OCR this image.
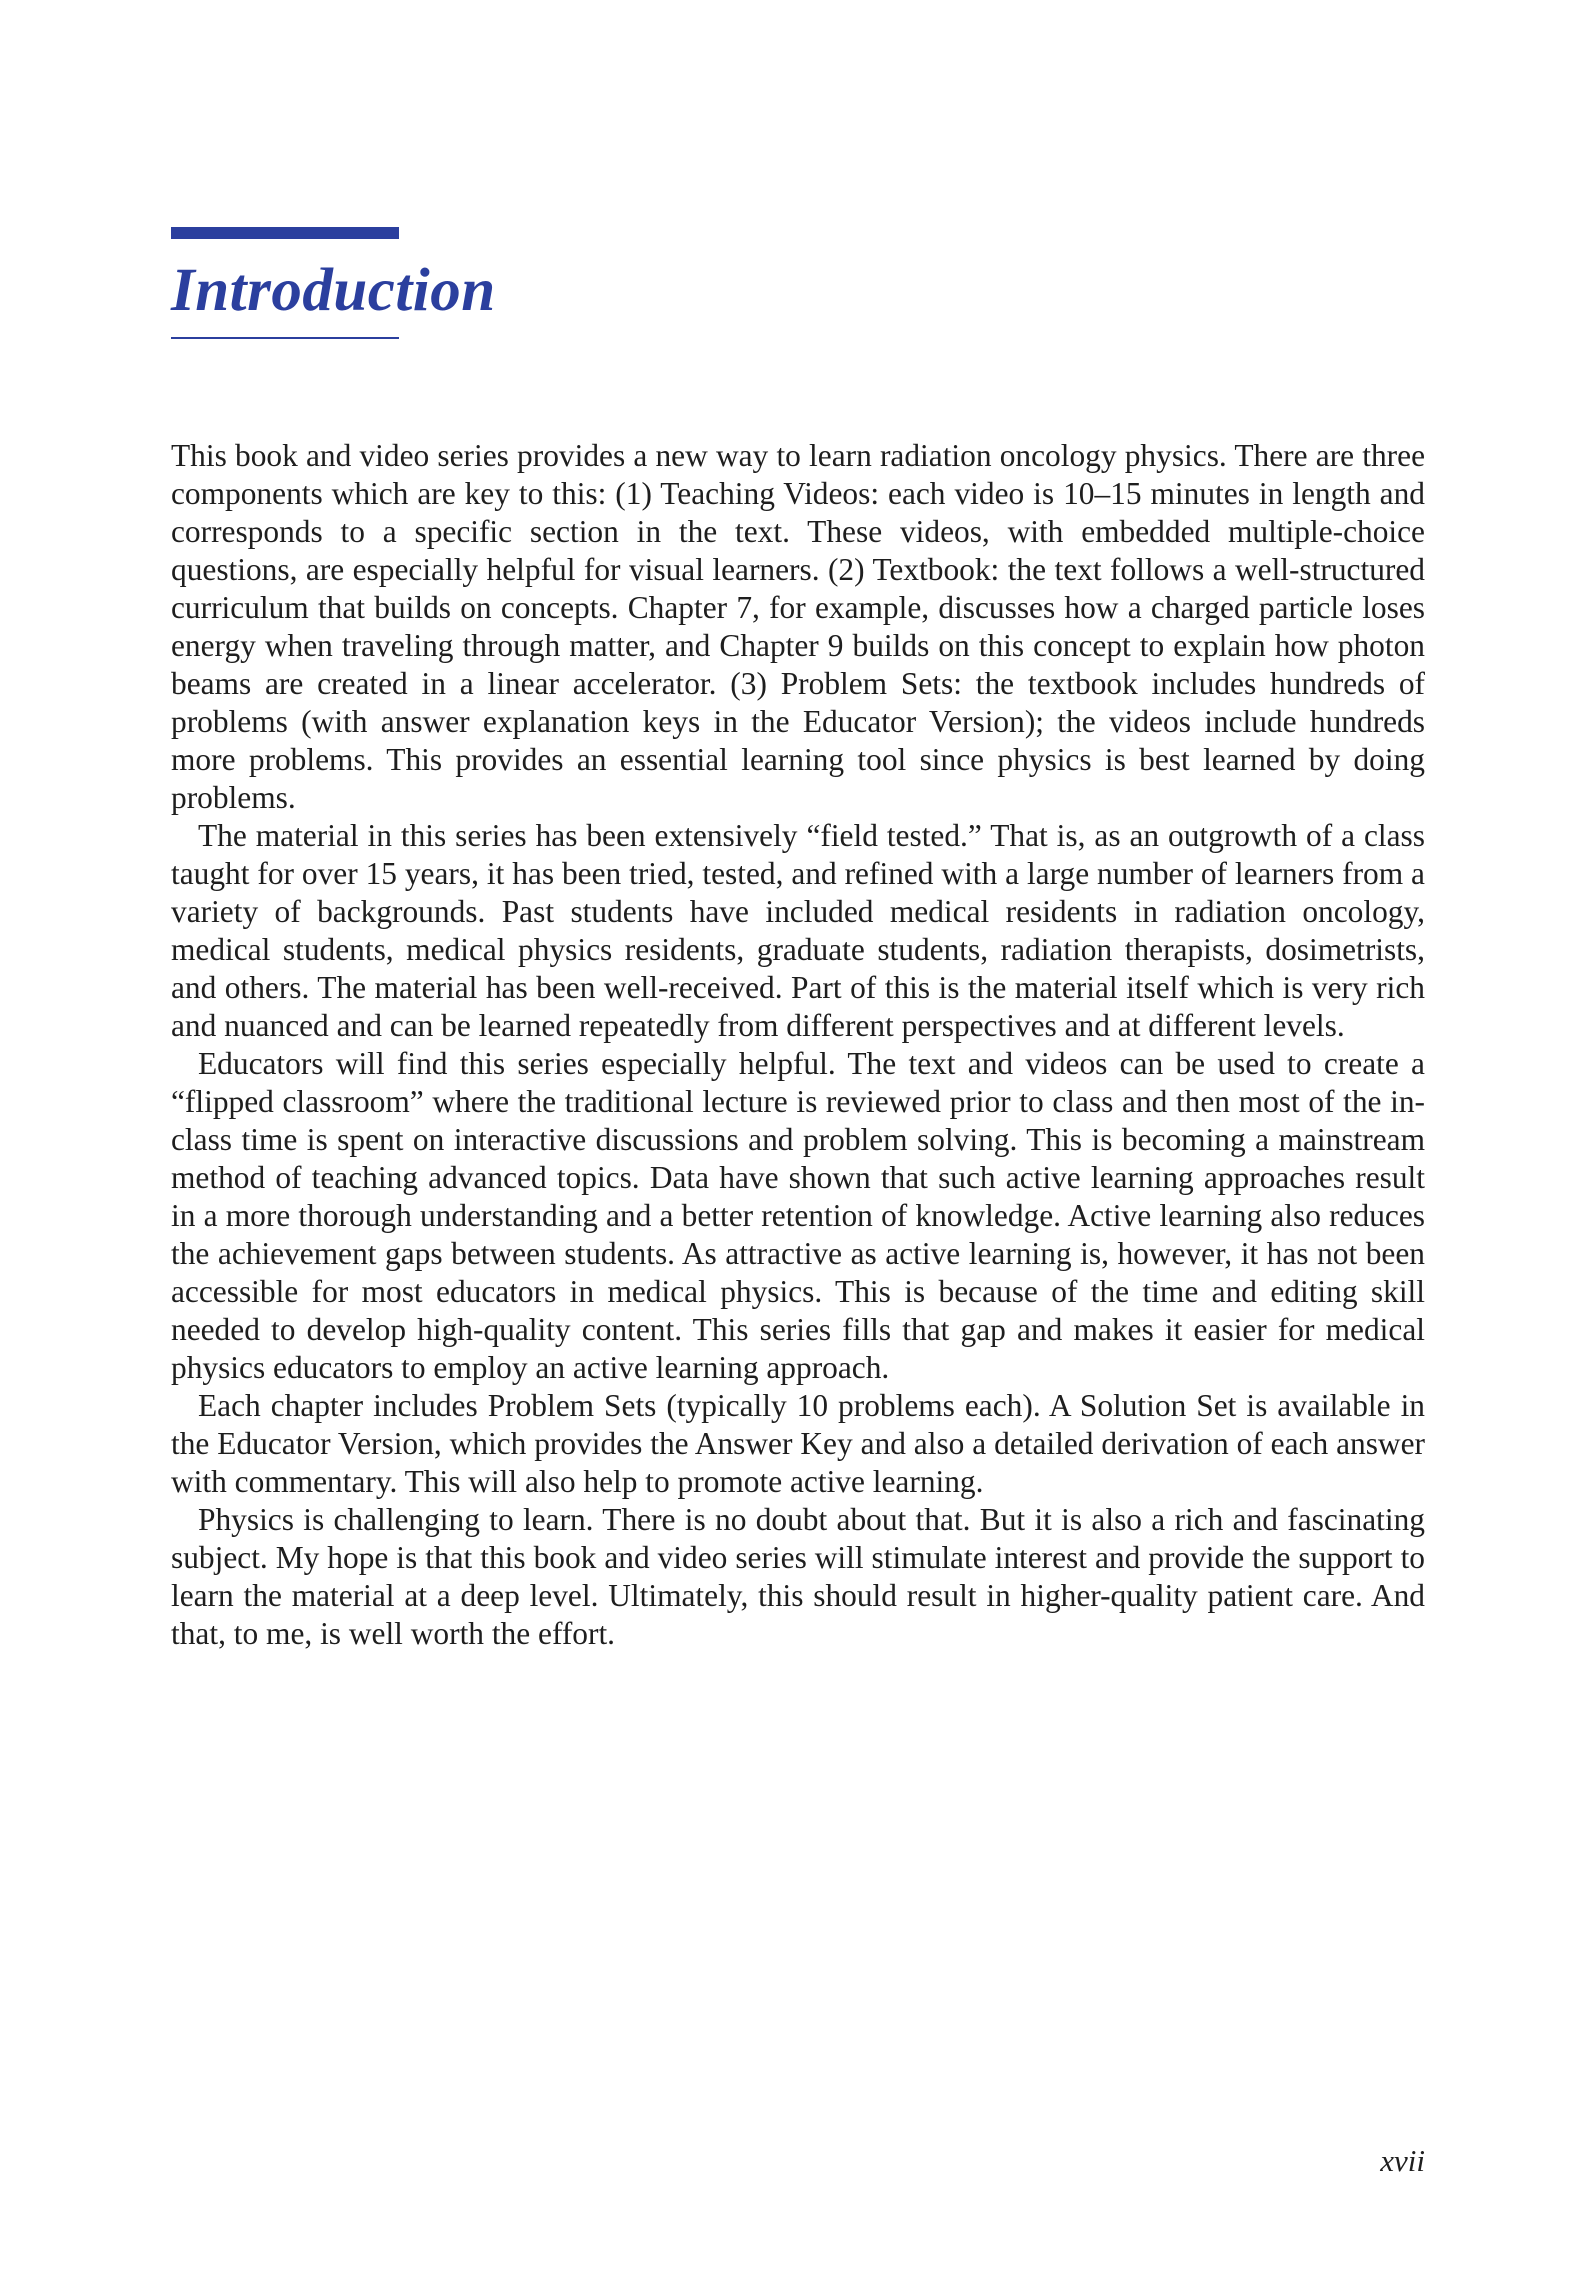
Introduction

This book and video series provides a new way to learn radiation oncology physics. There are three components which are key to this: (1) Teaching Videos: each video is 10–15 minutes in length and corresponds to a specific section in the text. These videos, with embedded multiple-choice questions, are especially helpful for visual learners. (2) Textbook: the text follows a well-structured curriculum that builds on concepts. Chapter 7, for example, discusses how a charged particle loses energy when traveling through matter, and Chapter 9 builds on this concept to explain how photon beams are created in a linear accelerator. (3) Problem Sets: the textbook includes hundreds of problems (with answer explanation keys in the Educator Version); the videos include hundreds more problems. This provides an essential learning tool since physics is best learned by doing problems.

The material in this series has been extensively “field tested.” That is, as an outgrowth of a class taught for over 15 years, it has been tried, tested, and refined with a large number of learners from a variety of backgrounds. Past students have included medical residents in radiation oncology, medical students, medical physics residents, graduate students, radiation therapists, dosimetrists, and others. The material has been well-received. Part of this is the material itself which is very rich and nuanced and can be learned repeatedly from different perspectives and at different levels.

Educators will find this series especially helpful. The text and videos can be used to create a “flipped classroom” where the traditional lecture is reviewed prior to class and then most of the in-class time is spent on interactive discussions and problem solving. This is becoming a mainstream method of teaching advanced topics. Data have shown that such active learning approaches result in a more thorough understanding and a better retention of knowledge. Active learning also reduces the achievement gaps between students. As attractive as active learning is, however, it has not been accessible for most educators in medical physics. This is because of the time and editing skill needed to develop high-quality content. This series fills that gap and makes it easier for medical physics educators to employ an active learning approach.

Each chapter includes Problem Sets (typically 10 problems each). A Solution Set is available in the Educator Version, which provides the Answer Key and also a detailed derivation of each answer with commentary. This will also help to promote active learning.

Physics is challenging to learn. There is no doubt about that. But it is also a rich and fascinating subject. My hope is that this book and video series will stimulate interest and provide the support to learn the material at a deep level. Ultimately, this should result in higher-quality patient care. And that, to me, is well worth the effort.

xvii
